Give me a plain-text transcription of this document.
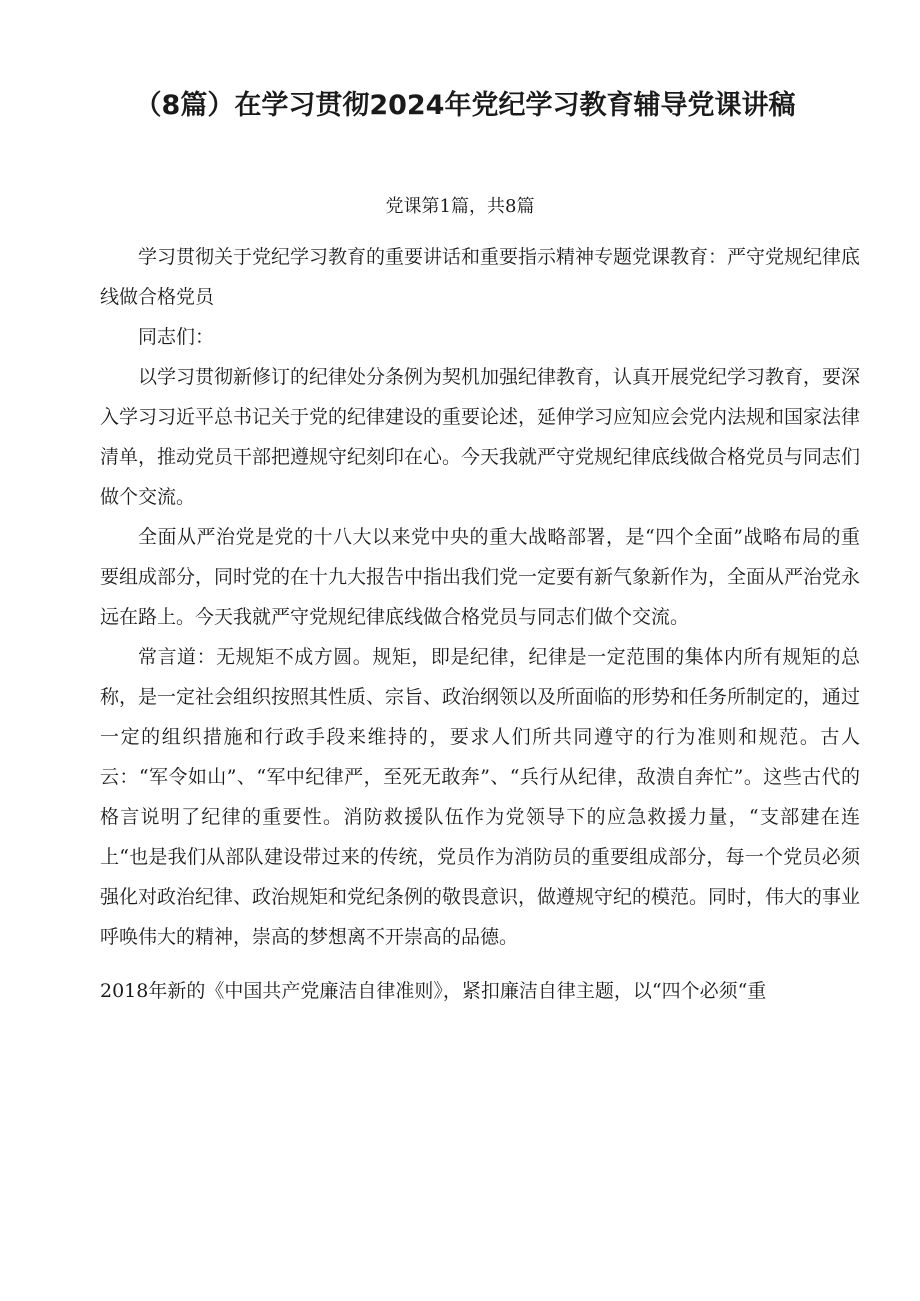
（8篇）在学习贯彻2024年党纪学习教育辅导党课讲稿
党课第1篇，共8篇

学习贯彻关于党纪学习教育的重要讲话和重要指示精神专题党课教育：严守党规纪律底线做合格党员

同志们：

以学习贯彻新修订的纪律处分条例为契机加强纪律教育，认真开展党纪学习教育，要深入学习习近平总书记关于党的纪律建设的重要论述，延伸学习应知应会党内法规和国家法律清单，推动党员干部把遵规守纪刻印在心。今天我就严守党规纪律底线做合格党员与同志们做个交流。

全面从严治党是党的十八大以来党中央的重大战略部署，是“四个全面”战略布局的重要组成部分，同时党的在十九大报告中指出我们党一定要有新气象新作为，全面从严治党永远在路上。今天我就严守党规纪律底线做合格党员与同志们做个交流。

常言道：无规矩不成方圆。规矩，即是纪律，纪律是一定范围的集体内所有规矩的总称，是一定社会组织按照其性质、宗旨、政治纲领以及所面临的形势和任务所制定的，通过一定的组织措施和行政手段来维持的，要求人们所共同遵守的行为准则和规范。古人云：“军令如山”、“军中纪律严，至死无敢奔”、“兵行从纪律，敌溃自奔忙”。这些古代的格言说明了纪律的重要性。消防救援队伍作为党领导下的应急救援力量，“支部建在连上“也是我们从部队建设带过来的传统，党员作为消防员的重要组成部分，每一个党员必须强化对政治纪律、政治规矩和党纪条例的敬畏意识，做遵规守纪的模范。同时，伟大的事业呼唤伟大的精神，崇高的梦想离不开崇高的品德。

2018年新的《中国共产党廉洁自律准则》，紧扣廉洁自律主题，以“四个必须“重
